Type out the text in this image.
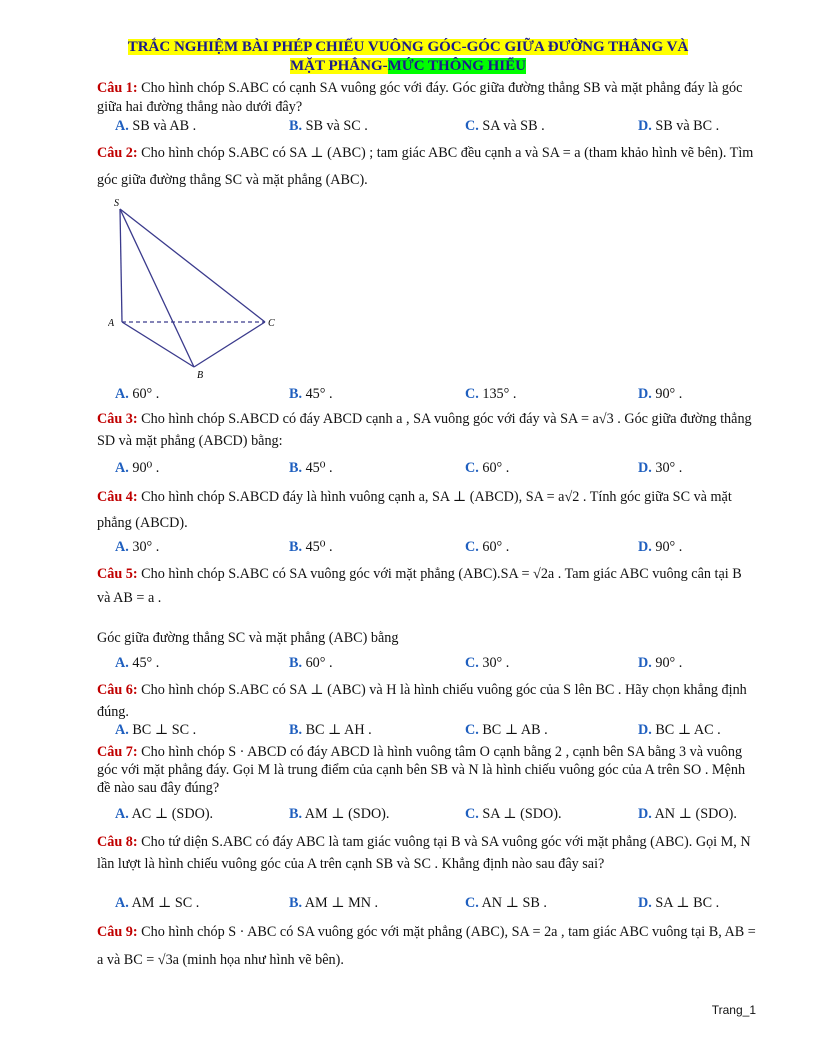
TRẮC NGHIỆM BÀI PHÉP CHIẾU VUÔNG GÓC-GÓC GIỮA ĐƯỜNG THẲNG VÀ
MẶT PHẲNG-MỨC THÔNG HIỂU
Câu 1: Cho hình chóp S.ABC có cạnh SA vuông góc với đáy. Góc giữa đường thẳng SB và mặt phẳng đáy là góc giữa hai đường thẳng nào dưới đây?
A. SB và AB .	B. SB và SC .	C. SA và SB .	D. SB và BC .
Câu 2: Cho hình chóp S.ABC có SA ⊥ (ABC) ; tam giác ABC đều cạnh a và SA = a (tham khảo hình vẽ bên). Tìm góc giữa đường thẳng SC và mặt phẳng (ABC).
S
A	C
B
A. 60° .	B. 45° .	C. 135° .	D. 90° .
Câu 3: Cho hình chóp S.ABCD có đáy ABCD cạnh a , SA vuông góc với đáy và SA = a√3 . Góc giữa đường thẳng SD và mặt phẳng (ABCD) bằng:
A. 90⁰ .	B. 45⁰ .	C. 60° .	D. 30° .
Câu 4: Cho hình chóp S.ABCD đáy là hình vuông cạnh a, SA ⊥ (ABCD), SA = a√2 . Tính góc giữa SC và mặt phẳng (ABCD).
A. 30° .	B. 45⁰ .	C. 60° .	D. 90° .
Câu 5: Cho hình chóp S.ABC có SA vuông góc với mặt phẳng (ABC).SA = √2a . Tam giác ABC vuông cân tại B và AB = a .
Góc giữa đường thẳng SC và mặt phẳng (ABC) bằng
A. 45° .	B. 60° .	C. 30° .	D. 90° .
Câu 6: Cho hình chóp S.ABC có SA ⊥ (ABC) và H là hình chiếu vuông góc của S lên BC . Hãy chọn khẳng định đúng.
A. BC ⊥ SC .	B. BC ⊥ AH .	C. BC ⊥ AB .	D. BC ⊥ AC .
Câu 7: Cho hình chóp S · ABCD có đáy ABCD là hình vuông tâm O cạnh bằng 2 , cạnh bên SA bằng 3 và vuông góc với mặt phẳng đáy. Gọi M là trung điểm của cạnh bên SB và N là hình chiếu vuông góc của A trên SO . Mệnh đề nào sau đây đúng?
A. AC ⊥ (SDO).	B. AM ⊥ (SDO).	C. SA ⊥ (SDO).	D. AN ⊥ (SDO).
Câu 8: Cho tứ diện S.ABC có đáy ABC là tam giác vuông tại B và SA vuông góc với mặt phẳng (ABC). Gọi M, N lần lượt là hình chiếu vuông góc của A trên cạnh SB và SC . Khẳng định nào sau đây sai?
A. AM ⊥ SC .	B. AM ⊥ MN .	C. AN ⊥ SB .	D. SA ⊥ BC .
Câu 9: Cho hình chóp S · ABC có SA vuông góc với mặt phẳng (ABC), SA = 2a , tam giác ABC vuông tại B, AB = a và BC = √3a (minh họa như hình vẽ bên).
Trang_1
